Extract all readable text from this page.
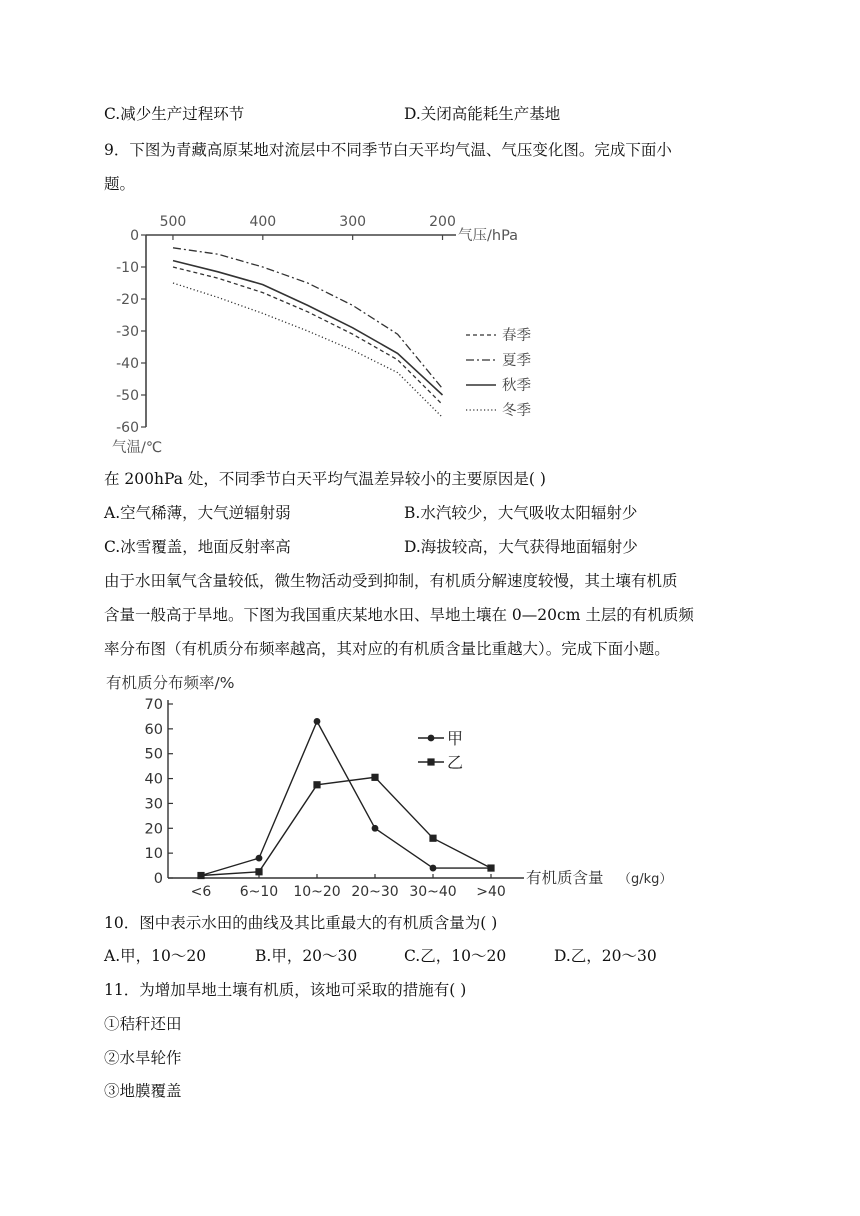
C.减少生产过程环节	D.关闭高能耗生产基地
9．下图为青藏高原某地对流层中不同季节白天平均气温、气压变化图。完成下面小
题。
0
-10
-20
-30
-40
-50
-60
500	400	300	200
气压/hPa
气温/℃
春季
夏季
秋季
冬季
在 200hPa 处，不同季节白天平均气温差异较小的主要原因是( )
A.空气稀薄，大气逆辐射弱	B.水汽较少，大气吸收太阳辐射少
C.冰雪覆盖，地面反射率高	D.海拔较高，大气获得地面辐射少
由于水田氧气含量较低，微生物活动受到抑制，有机质分解速度较慢，其土壤有机质
含量一般高于旱地。下图为我国重庆某地水田、旱地土壤在 0—20cm 土层的有机质频
率分布图（有机质分布频率越高，其对应的有机质含量比重越大）。完成下面小题。
有机质分布频率/%
0
10
20
30
40
50
60
70
<6 6~10 10~20 20~30 30~40 >40
有机质含量 （g/kg）
甲
乙
10．图中表示水田的曲线及其比重最大的有机质含量为( )
A.甲，10～20	B.甲，20～30	C.乙，10～20	D.乙，20～30
11．为增加旱地土壤有机质，该地可采取的措施有( )
①秸秆还田
②水旱轮作
③地膜覆盖
